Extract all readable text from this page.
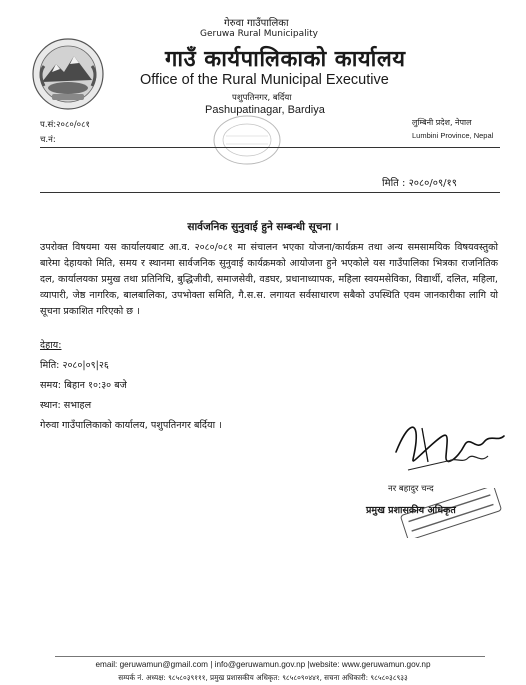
गेरुवा गाउँपालिका
Geruwa Rural Municipality
गाउँ कार्यपालिकाको कार्यालय
Office of the Rural Municipal Executive
पशुपतिनगर, बर्दिया
Pashupatinagar, Bardiya
प.सं:२०८०/०८१
च.नं:
लुम्बिनी प्रदेश, नेपाल
Lumbini Province, Nepal
मिति : २०८०/०९/१९
सार्वजनिक सुनुवाई हुने सम्बन्धी सूचना ।
उपरोक्त विषयमा यस कार्यालयबाट आ.व. २०८०/०८१ मा संचालन भएका योजना/कार्यक्रम तथा अन्य समसामयिक विषयवस्तुको बारेमा देहायको मिति, समय र स्थानमा सार्वजनिक सुनुवाई कार्यक्रमको आयोजना हुने भएकोले यस गाउँपालिका भित्रका राजनितिक दल, कार्यालयका प्रमुख तथा प्रतिनिधि, बुद्धिजीवी, समाजसेवी, वडघर, प्रधानाध्यापक, महिला स्वयमसेविका, विद्यार्थी, दलित, महिला, व्यापारी, जेष्ठ नागरिक, बालबालिका, उपभोक्ता समिति, गै.स.स. लगायत सर्वसाधारण सबैको उपस्थिति एवम जानकारीका लागि यो सूचना प्रकाशित गरिएको छ ।
देहाय:
मिति: २०८०|०९|२६
समय: बिहान १०:३० बजे
स्थान: सभाहल
गेरुवा गाउँपालिकाको कार्यालय, पशुपतिनगर बर्दिया ।
नर बहादुर चन्द
प्रमुख प्रशासकीय अधिकृत
email: geruwamun@gmail.com | info@geruwamun.gov.np |website: www.geruwamun.gov.np
सम्पर्क नं. अध्यक्ष: ९८५८०३९१११, प्रमुख प्रशासकीय अधिकृत: ९८५८०९०४४१, सचना अधिकारी: ९८५८०३८९३३
